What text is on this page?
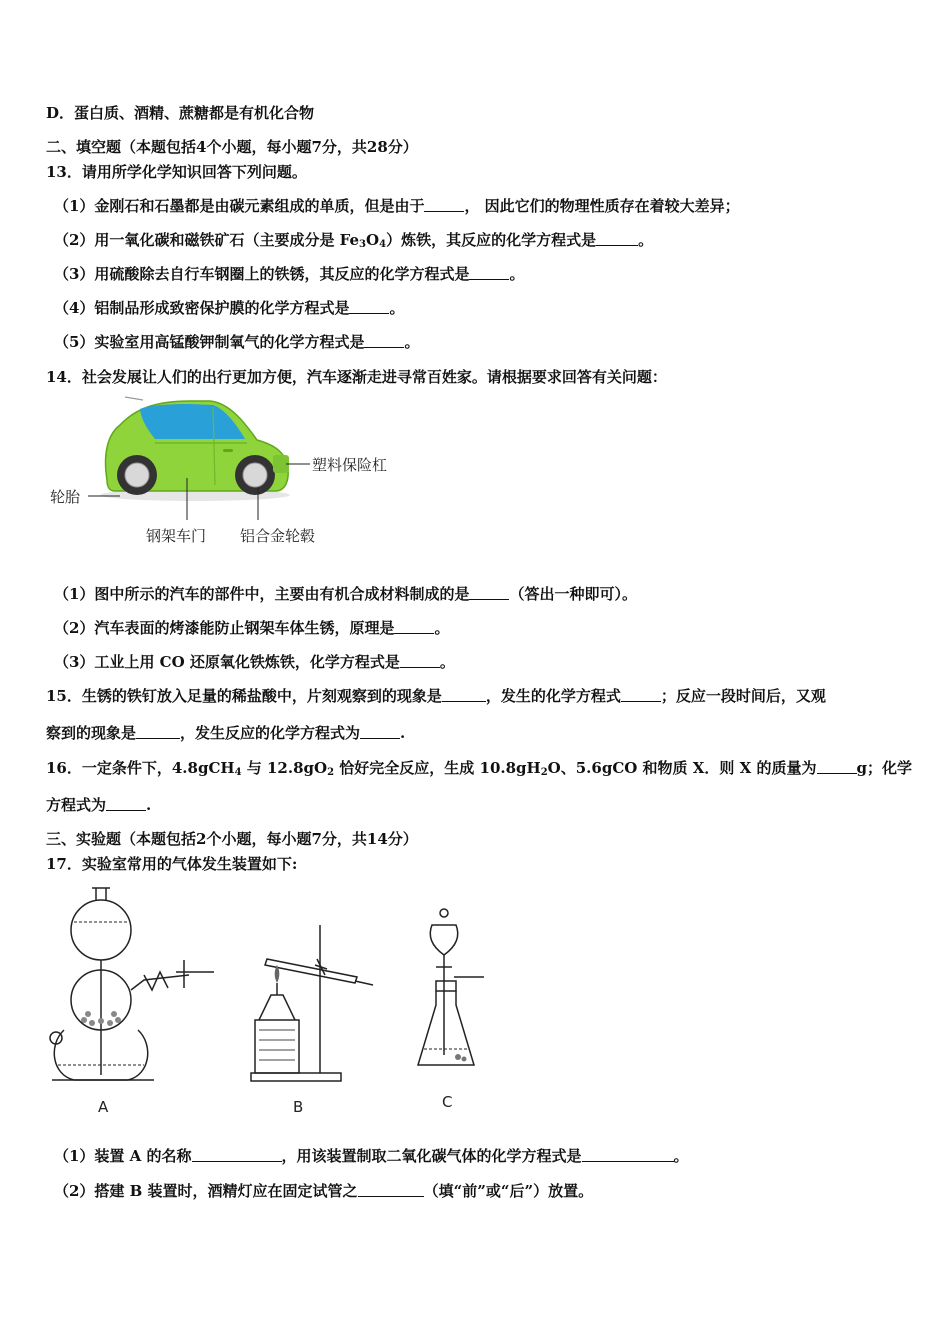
D．蛋白质、酒精、蔗糖都是有机化合物
二、填空题（本题包括4个小题，每小题7分，共28分）
13．请用所学化学知识回答下列问题。
（1）金刚石和石墨都是由碳元素组成的单质，但是由于	， 因此它们的物理性质存在着较大差异；
（2）用一氧化碳和磁铁矿石（主要成分是 $Fe_3O_4$）炼铁，其反应的化学方程式是	。
（3）用硫酸除去自行车钢圈上的铁锈，其反应的化学方程式是	。
（4）铝制品形成致密保护膜的化学方程式是	。
（5）实验室用高锰酸钾制氧气的化学方程式是	。
14．社会发展让人们的出行更加方便，汽车逐渐走进寻常百姓家。请根据要求回答有关问题：
塑料保险杠
轮胎
钢架车门 铝合金轮毂
（1）图中所示的汽车的部件中，主要由有机合成材料制成的是	（答出一种即可）。
（2）汽车表面的烤漆能防止钢架车体生锈，原理是	。
（3）工业上用 CO 还原氧化铁炼铁，化学方程式是	。
15．生锈的铁钉放入足量的稀盐酸中，片刻观察到的现象是	，发生的化学方程式	；反应一段时间后，又观
察到的现象是	，发生反应的化学方程式为	.
16．一定条件下，4.8gCH$_4$ 与 $12.8gO_2$ 恰好完全反应，生成 $10.8gH_2O$、5.6gCO 和物质 X．则 X 的质量为	g；化学
方程式为	.
三、实验题（本题包括2个小题，每小题7分，共14分）
17．实验室常用的气体发生装置如下:
A	B	C
（1）装置 A 的名称	，用该装置制取二氧化碳气体的化学方程式是	。
（2）搭建 B 装置时，酒精灯应在固定试管之	（填“前”或“后”）放置。
